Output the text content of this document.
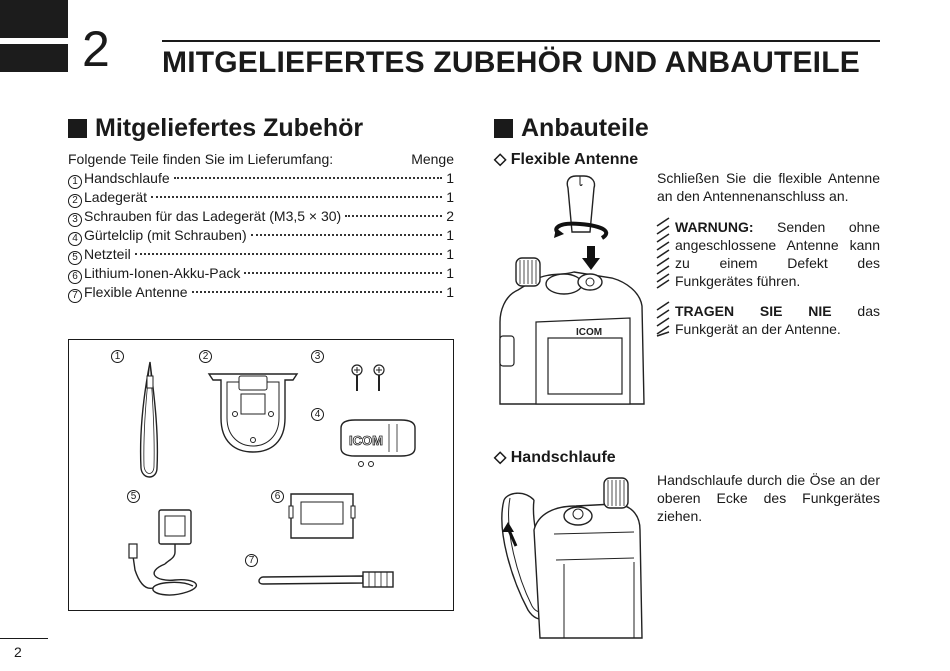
2 MITGELIEFERTES ZUBEHÖR UND ANBAUTEILE
Mitgeliefertes Zubehör
Folgende Teile finden Sie im Lieferumfang:	Menge
1 Handschlaufe	1
2 Ladegerät	1
3 Schrauben für das Ladegerät (M3,5 × 30)	2
4 Gürtelclip (mit Schrauben)	1
5 Netzteil	1
6 Lithium-Ionen-Akku-Pack	1
7 Flexible Antenne	1
1	2	3
4
5	6
7
ICOM
Anbauteile
◇ Flexible Antenne
ICOM
Schließen Sie die flexible Antenne an den Antennenanschluss an.
WARNUNG: Senden ohne angeschlossene Antenne kann zu einem Defekt des Funkgerätes führen.
TRAGEN SIE NIE das Funkgerät an der Antenne.
◇ Handschlaufe
Handschlaufe durch die Öse an der oberen Ecke des Funkgerätes ziehen.
2
